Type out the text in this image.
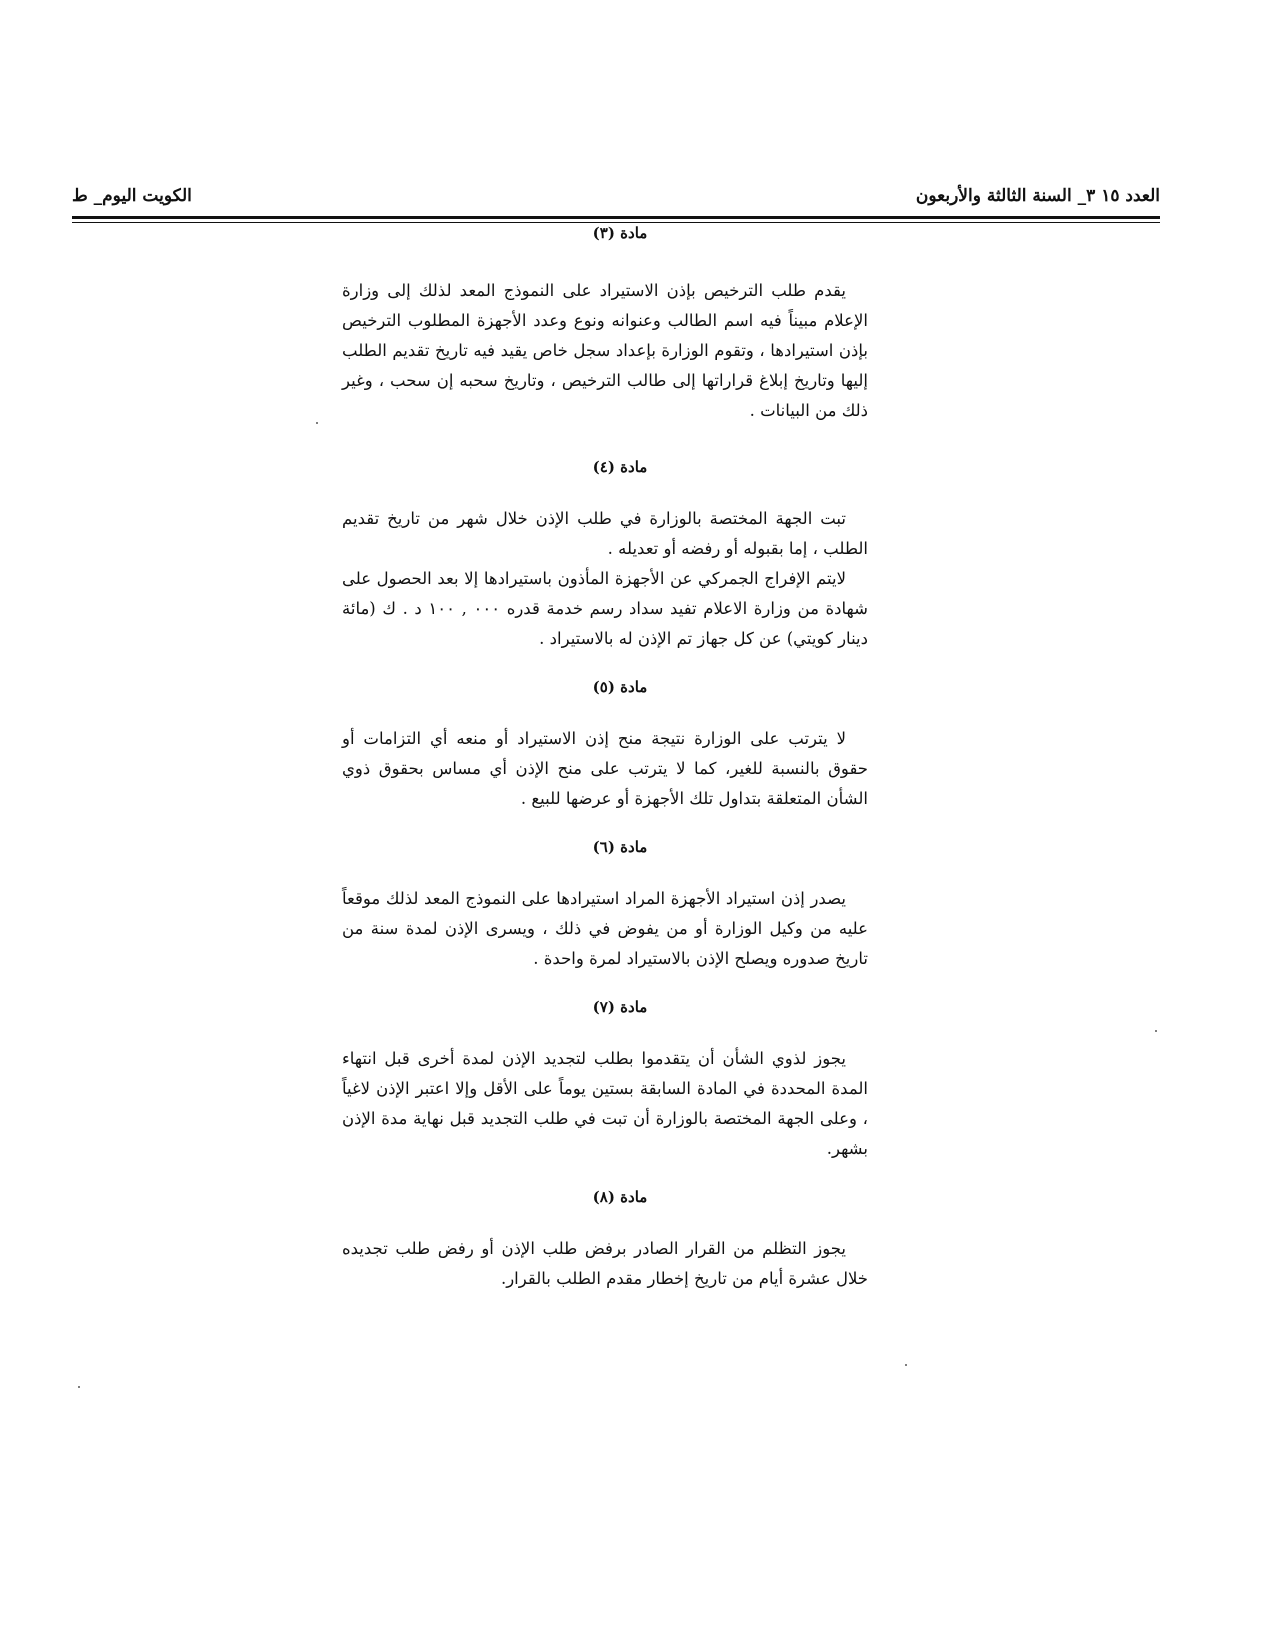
العدد ١٥ ٣_ السنة الثالثة والأربعون
الكويت اليوم_ ط
مادة (٣)

يقدم طلب الترخيص بإذن الاستيراد على النموذج المعد لذلك إلى وزارة الإعلام مبيناً فيه اسم الطالب وعنوانه ونوع وعدد الأجهزة المطلوب الترخيص بإذن استيرادها ، وتقوم الوزارة بإعداد سجل خاص يقيد فيه تاريخ تقديم الطلب إليها وتاريخ إبلاغ قراراتها إلى طالب الترخيص ، وتاريخ سحبه إن سحب ، وغير ذلك من البيانات .

مادة (٤)

تبت الجهة المختصة بالوزارة في طلب الإذن خلال شهر من تاريخ تقديم الطلب ، إما بقبوله أو رفضه أو تعديله .

لايتم الإفراج الجمركي عن الأجهزة المأذون باستيرادها إلا بعد الحصول على شهادة من وزارة الاعلام تفيد سداد رسم خدمة قدره ٠٠٠ , ١٠٠ د . ك (مائة دينار كويتي) عن كل جهاز تم الإذن له بالاستيراد .

مادة (٥)

لا يترتب على الوزارة نتيجة منح إذن الاستيراد أو منعه أي التزامات أو حقوق بالنسبة للغير، كما لا يترتب على منح الإذن أي مساس بحقوق ذوي الشأن المتعلقة بتداول تلك الأجهزة أو عرضها للبيع .

مادة (٦)

يصدر إذن استيراد الأجهزة المراد استيرادها على النموذج المعد لذلك موقعاً عليه من وكيل الوزارة أو من يفوض في ذلك ، ويسرى الإذن لمدة سنة من تاريخ صدوره ويصلح الإذن بالاستيراد لمرة واحدة .

مادة (٧)

يجوز لذوي الشأن أن يتقدموا بطلب لتجديد الإذن لمدة أخرى قبل انتهاء المدة المحددة في المادة السابقة بستين يوماً على الأقل وإلا اعتبر الإذن لاغياً ، وعلى الجهة المختصة بالوزارة أن تبت في طلب التجديد قبل نهاية مدة الإذن بشهر.

مادة (٨)

يجوز التظلم من القرار الصادر برفض طلب الإذن أو رفض طلب تجديده خلال عشرة أيام من تاريخ إخطار مقدم الطلب بالقرار.
